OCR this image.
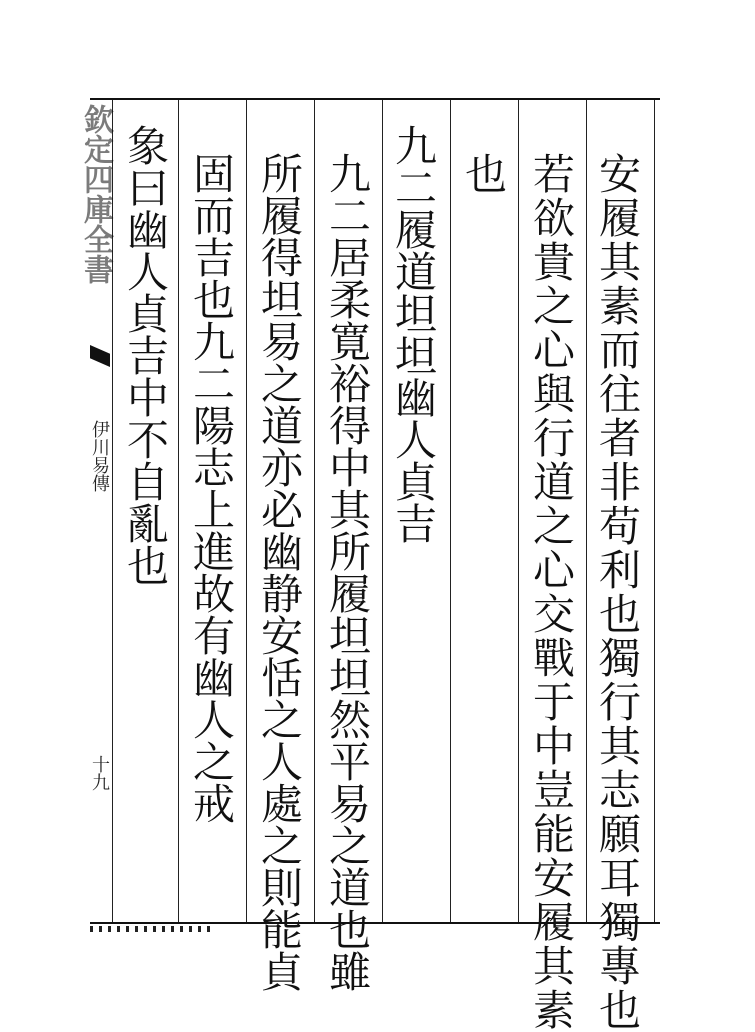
欽定四庫全書
伊川易傳
十九	安履其素而往者非苟利也獨行其志願耳獨專也
若欲貴之心與行道之心交戰于中豈能安履其素
也
九二履道坦坦幽人貞吉
九二居柔寛裕得中其所履坦坦然平易之道也雖
所履得坦易之道亦必幽静安恬之人處之則能貞
固而吉也九二陽志上進故有幽人之戒
象曰幽人貞吉中不自亂也
